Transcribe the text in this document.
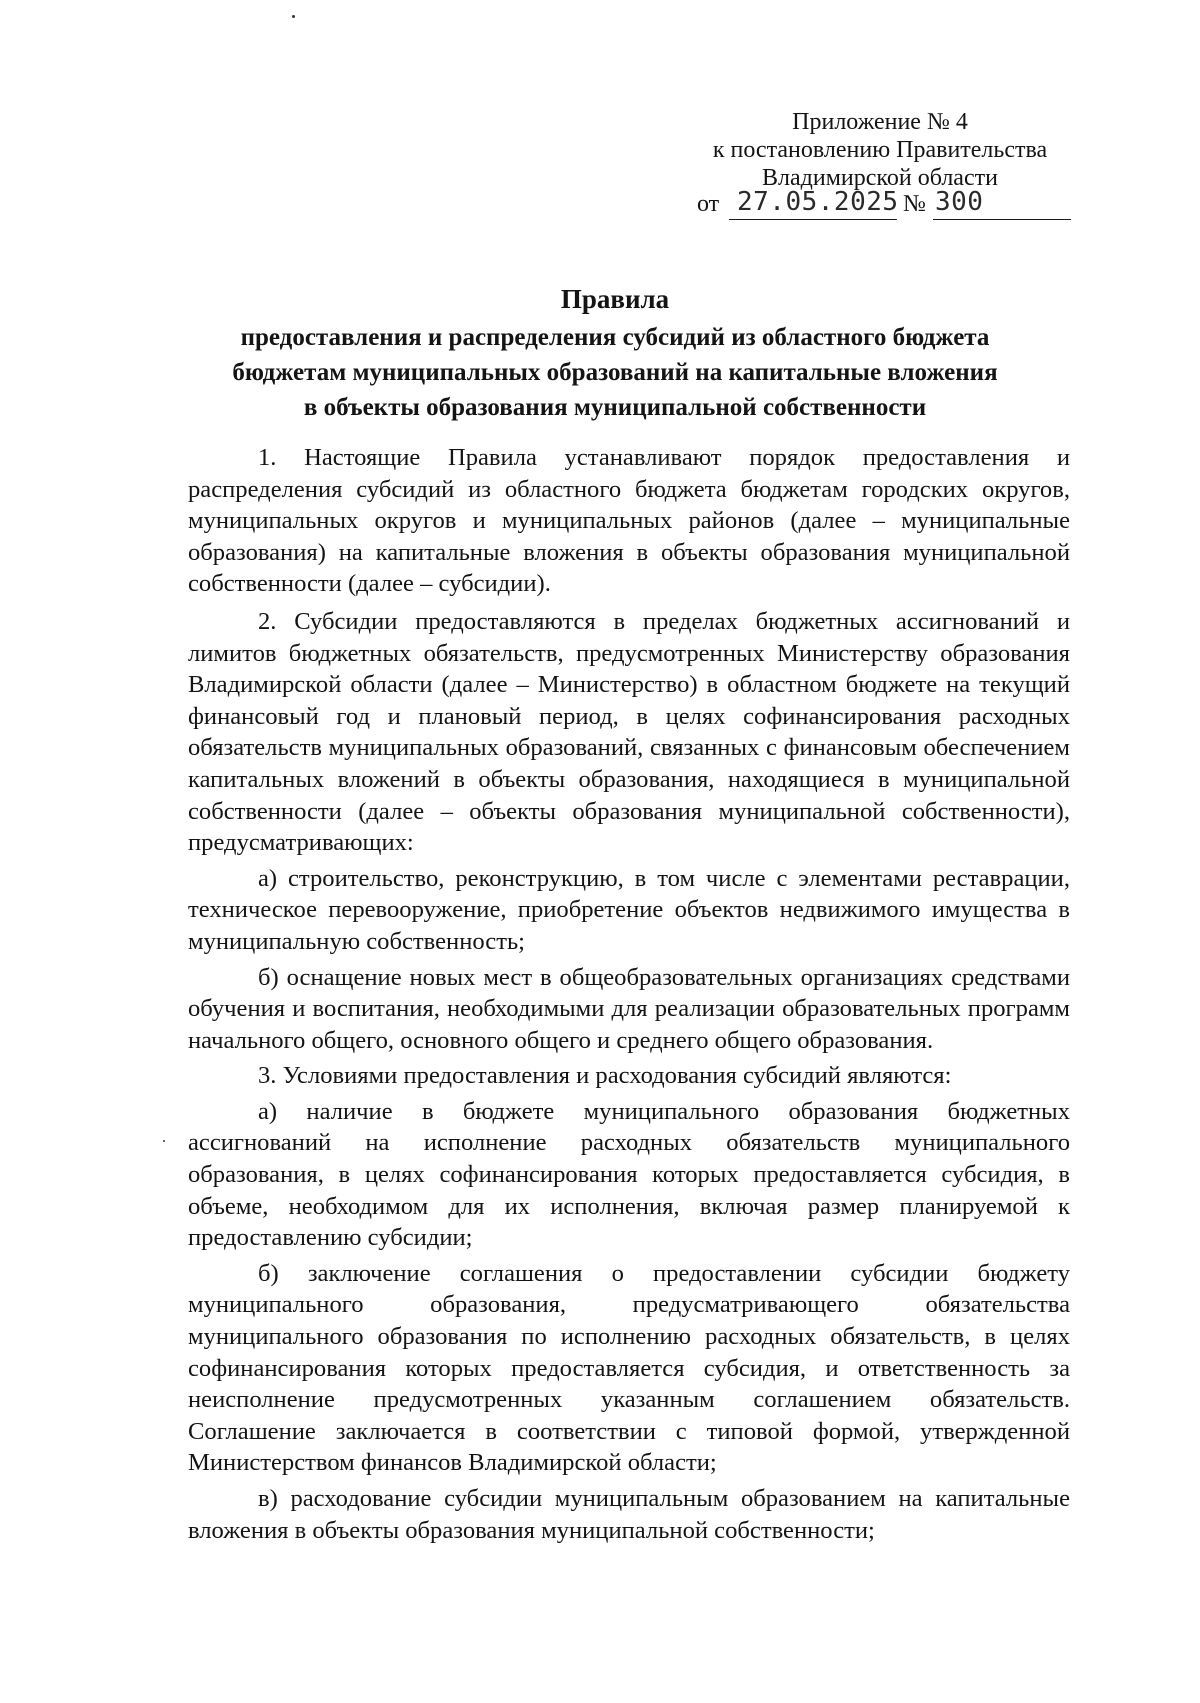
Приложение № 4
к постановлению Правительства
Владимирской области
от 27.05.2025 № 300
Правила
предоставления и распределения субсидий из областного бюджета
бюджетам муниципальных образований на капитальные вложения
в объекты образования муниципальной собственности

1. Настоящие Правила устанавливают порядок предоставления и распределения субсидий из областного бюджета бюджетам городских округов, муниципальных округов и муниципальных районов (далее – муниципальные образования) на капитальные вложения в объекты образования муниципальной собственности (далее – субсидии).

2. Субсидии предоставляются в пределах бюджетных ассигнований и лимитов бюджетных обязательств, предусмотренных Министерству образования Владимирской области (далее – Министерство) в областном бюджете на текущий финансовый год и плановый период, в целях софинансирования расходных обязательств муниципальных образований, связанных с финансовым обеспечением капитальных вложений в объекты образования, находящиеся в муниципальной собственности (далее – объекты образования муниципальной собственности), предусматривающих:

а) строительство, реконструкцию, в том числе с элементами реставрации, техническое перевооружение, приобретение объектов недвижимого имущества в муниципальную собственность;

б) оснащение новых мест в общеобразовательных организациях средствами обучения и воспитания, необходимыми для реализации образовательных программ начального общего, основного общего и среднего общего образования.

3. Условиями предоставления и расходования субсидий являются:

а) наличие в бюджете муниципального образования бюджетных ассигнований на исполнение расходных обязательств муниципального образования, в целях софинансирования которых предоставляется субсидия, в объеме, необходимом для их исполнения, включая размер планируемой к предоставлению субсидии;

б) заключение соглашения о предоставлении субсидии бюджету муниципального образования, предусматривающего обязательства муниципального образования по исполнению расходных обязательств, в целях софинансирования которых предоставляется субсидия, и ответственность за неисполнение предусмотренных указанным соглашением обязательств. Соглашение заключается в соответствии с типовой формой, утвержденной Министерством финансов Владимирской области;

в) расходование субсидии муниципальным образованием на капитальные вложения в объекты образования муниципальной собственности;
